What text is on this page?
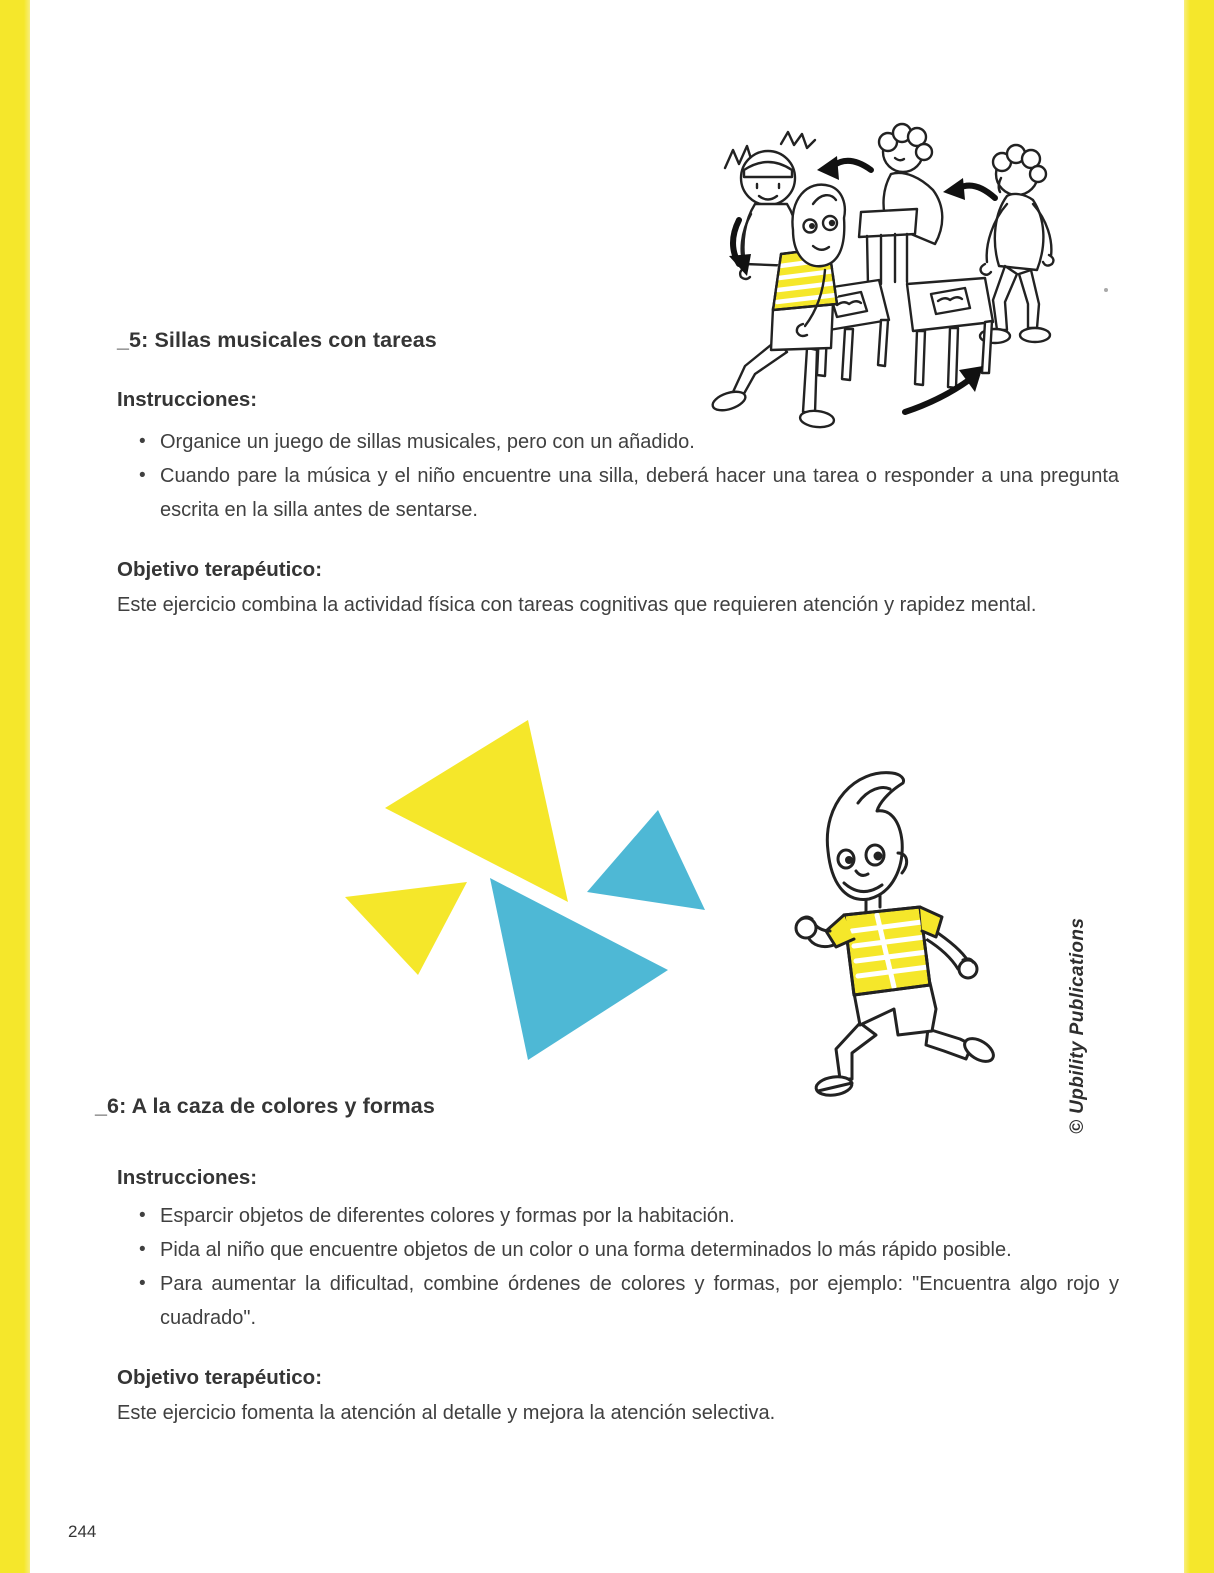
_5: Sillas musicales con tareas
Instrucciones:
• Organice un juego de sillas musicales, pero con un añadido.
• Cuando pare la música y el niño encuentre una silla, deberá hacer una tarea o responder a una pregunta escrita en la silla antes de sentarse.
Objetivo terapéutico:
Este ejercicio combina la actividad física con tareas cognitivas que requieren atención y rapidez mental.
© Upbility Publications
_6: A la caza de colores y formas
Instrucciones:
• Esparcir objetos de diferentes colores y formas por la habitación.
• Pida al niño que encuentre objetos de un color o una forma determinados lo más rápido posible.
• Para aumentar la dificultad, combine órdenes de colores y formas, por ejemplo: "Encuentra algo rojo y cuadrado".
Objetivo terapéutico:
Este ejercicio fomenta la atención al detalle y mejora la atención selectiva.
244
